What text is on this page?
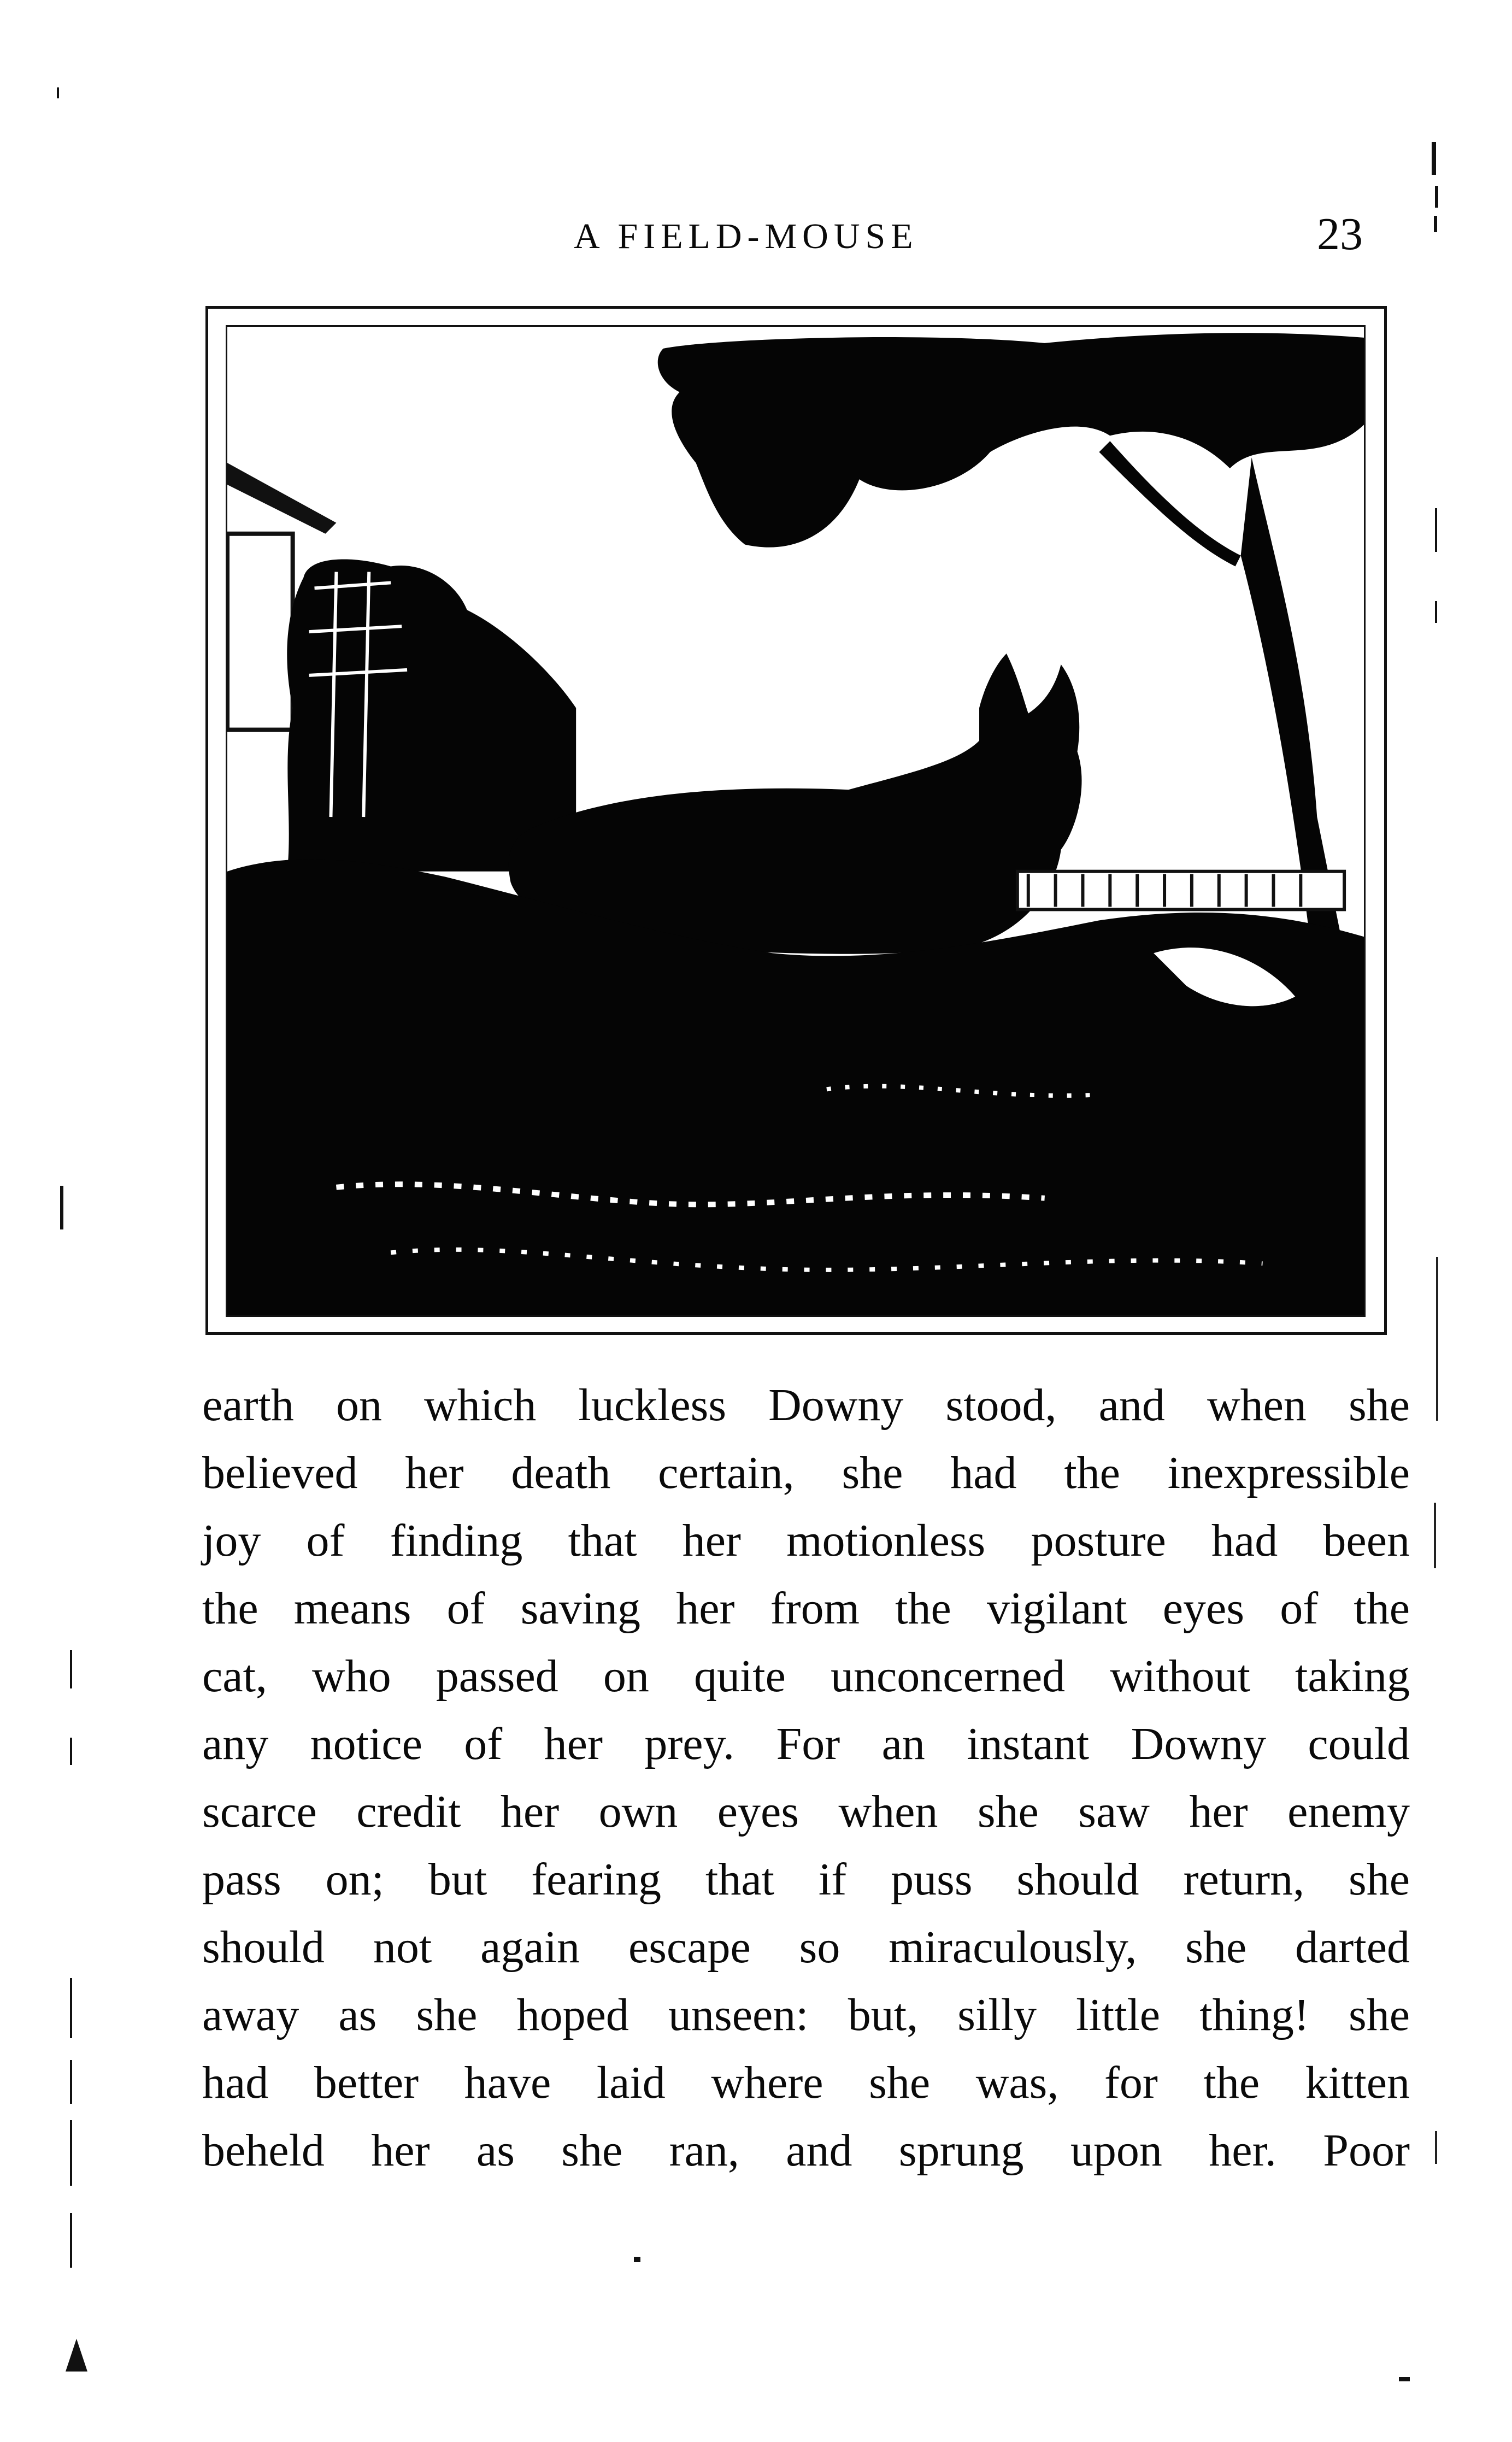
A FIELD-MOUSE	23
earth on which luckless Downy stood, and when she
believed her death certain, she had the inexpressible
joy of finding that her motionless posture had been
the means of saving her from the vigilant eyes of the
cat, who passed on quite unconcerned without taking
any notice of her prey. For an instant Downy could
scarce credit her own eyes when she saw her enemy
pass on; but fearing that if puss should return, she
should not again escape so miraculously, she darted
away as she hoped unseen: but, silly little thing! she
had better have laid where she was, for the kitten
beheld her as she ran, and sprung upon her. Poor
